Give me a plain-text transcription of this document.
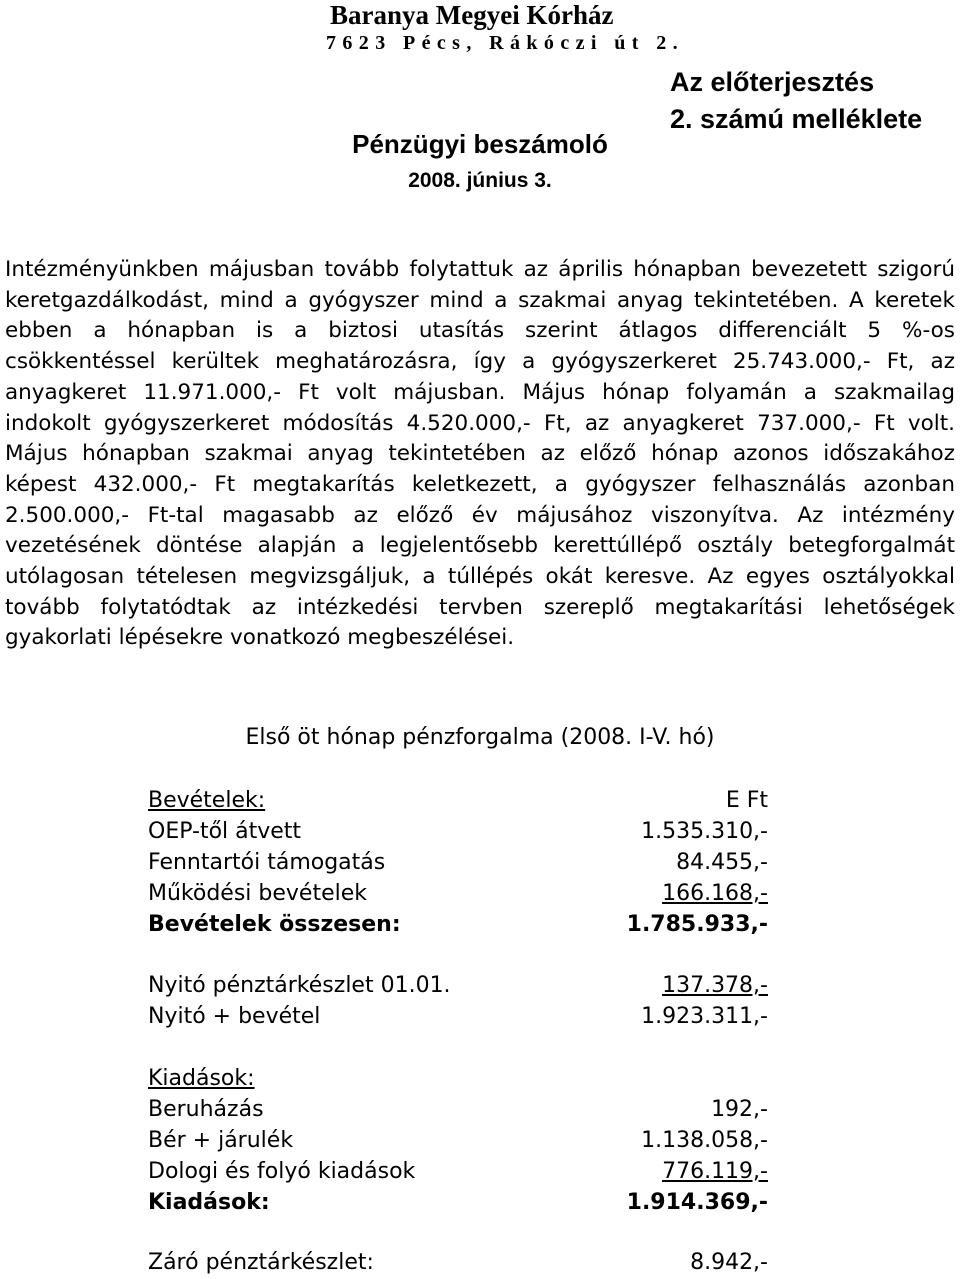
Baranya Megyei Kórház
7623 Pécs, Rákóczi út 2.
Az előterjesztés
2. számú melléklete
Pénzügyi beszámoló
2008. június 3.
Intézményünkben májusban tovább folytattuk az április hónapban bevezetett szigorú keretgazdálkodást, mind a gyógyszer mind a szakmai anyag tekintetében. A keretek ebben a hónapban is a biztosi utasítás szerint átlagos differenciált 5 %-os csökkentéssel kerültek meghatározásra, így a gyógyszerkeret 25.743.000,- Ft, az anyagkeret 11.971.000,- Ft volt májusban. Május hónap folyamán a szakmailag indokolt gyógyszerkeret módosítás 4.520.000,- Ft, az anyagkeret 737.000,- Ft volt. Május hónapban szakmai anyag tekintetében az előző hónap azonos időszakához képest 432.000,- Ft megtakarítás keletkezett, a gyógyszer felhasználás azonban 2.500.000,- Ft-tal magasabb az előző év májusához viszonyítva. Az intézmény vezetésének döntése alapján a legjelentősebb kerettúllépő osztály betegforgalmát utólagosan tételesen megvizsgáljuk, a túllépés okát keresve. Az egyes osztályokkal tovább folytatódtak az intézkedési tervben szereplő megtakarítási lehetőségek gyakorlati lépésekre vonatkozó megbeszélései.
Első öt hónap pénzforgalma (2008. I-V. hó)
Bevételek:	E Ft
OEP-től átvett	1.535.310,-
Fenntartói támogatás	84.455,-
Működési bevételek	166.168,-
Bevételek összesen:	1.785.933,-
Nyitó pénztárkészlet 01.01.	137.378,-
Nyitó + bevétel	1.923.311,-
Kiadások:
Beruházás	192,-
Bér + járulék	1.138.058,-
Dologi és folyó kiadások	776.119,-
Kiadások:	1.914.369,-
Záró pénztárkészlet:	8.942,-
